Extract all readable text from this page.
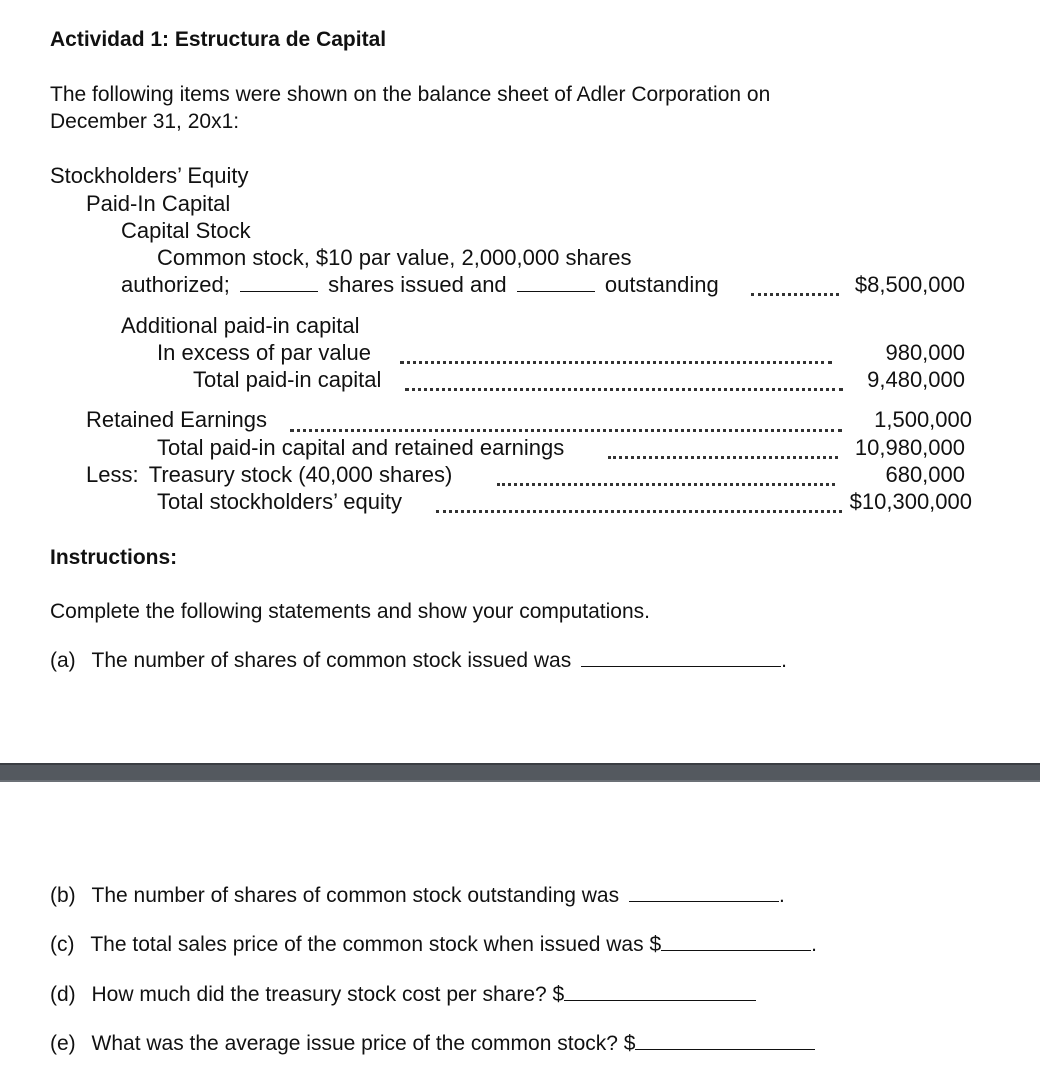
Actividad 1: Estructura de Capital
The following items were shown on the balance sheet of Adler Corporation on
December 31, 20x1:
Stockholders’ Equity
Paid-In Capital
Capital Stock
Common stock, $10 par value, 2,000,000 shares
authorized;	shares issued and	outstanding	$8,500,000
Additional paid-in capital
In excess of par value	980,000
Total paid-in capital	9,480,000
Retained Earnings	1,500,000
Total paid-in capital and retained earnings	10,980,000
Less: Treasury stock (40,000 shares)	680,000
Total stockholders’ equity	$10,300,000
Instructions:
Complete the following statements and show your computations.
(a) The number of shares of common stock issued was	.
(b) The number of shares of common stock outstanding was	.
(c) The total sales price of the common stock when issued was $	.
(d) How much did the treasury stock cost per share? $
(e) What was the average issue price of the common stock? $
